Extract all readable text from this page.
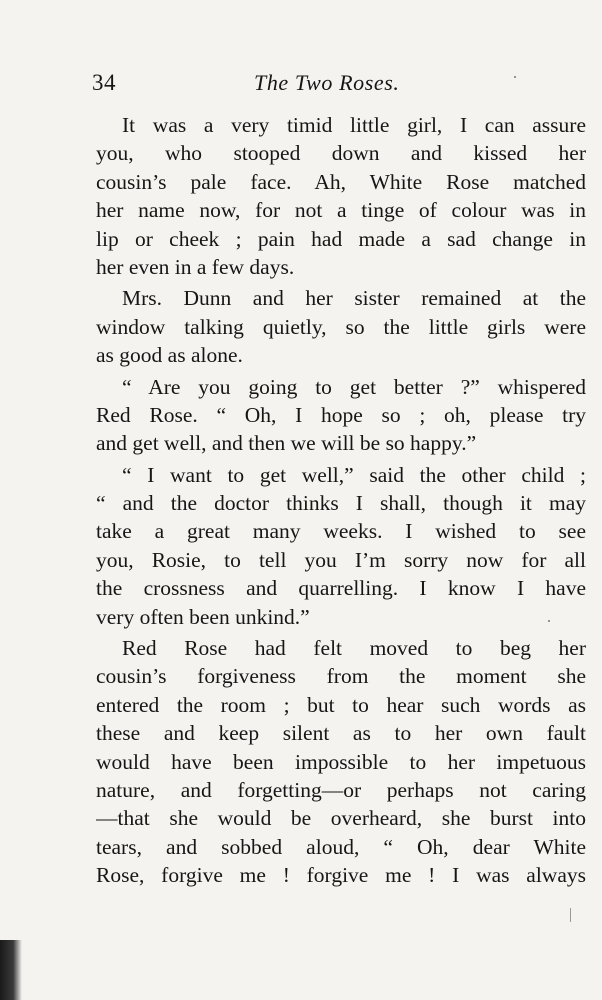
34	The Two Roses.
It was a very timid little girl, I can assure
you, who stooped down and kissed her
cousin’s pale face. Ah, White Rose matched
her name now, for not a tinge of colour was in
lip or cheek ; pain had made a sad change in
her even in a few days.
Mrs. Dunn and her sister remained at the
window talking quietly, so the little girls were
as good as alone.
“ Are you going to get better ?” whispered
Red Rose. “ Oh, I hope so ; oh, please try
and get well, and then we will be so happy.”
“ I want to get well,” said the other child ;
“ and the doctor thinks I shall, though it may
take a great many weeks. I wished to see
you, Rosie, to tell you I’m sorry now for all
the crossness and quarrelling. I know I have
very often been unkind.”
Red Rose had felt moved to beg her
cousin’s forgiveness from the moment she
entered the room ; but to hear such words as
these and keep silent as to her own fault
would have been impossible to her impetuous
nature, and forgetting—or perhaps not caring
—that she would be overheard, she burst into
tears, and sobbed aloud, “ Oh, dear White
Rose, forgive me ! forgive me ! I was always
